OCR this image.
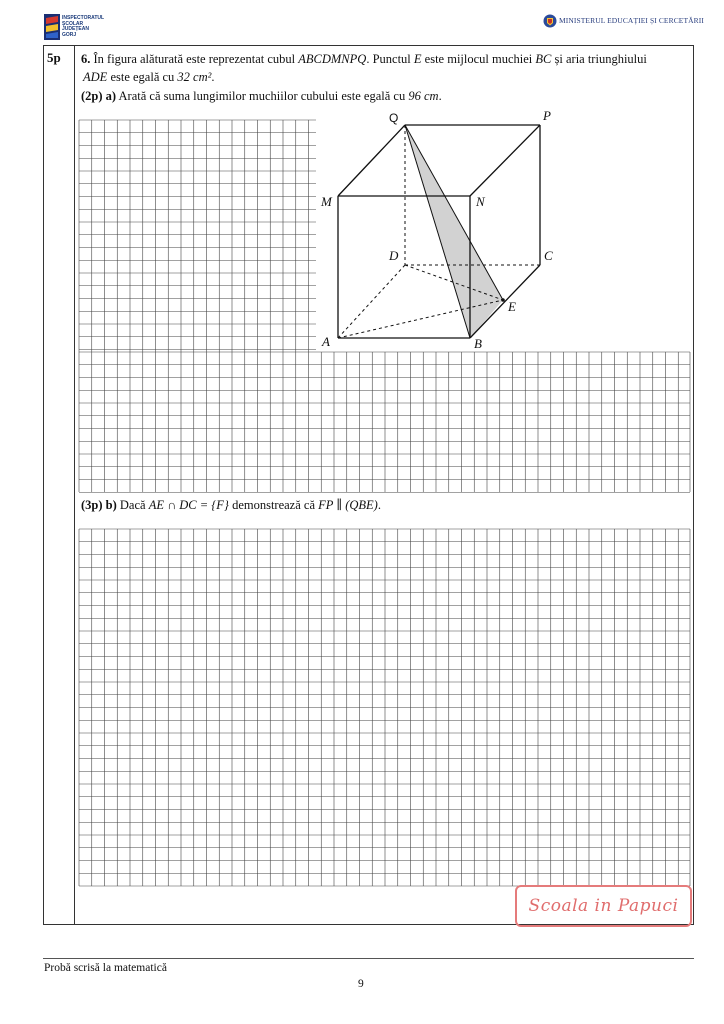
INSPECTORATUL
ȘCOLAR
JUDEȚEAN
GORJ
MINISTERUL EDUCAȚIEI ȘI CERCETĂRII
5p 6. În figura alăturată este reprezentat cubul ABCDMNPQ. Punctul E este mijlocul muchiei BC și aria triunghiului
ADE este egală cu 32 cm².
(2p) a) Arată că suma lungimilor muchiilor cubului este egală cu 96 cm.
Q	P
M	N
D	C
E
A	B
(3p) b) Dacă AE ∩ DC = {F} demonstrează că FP ∥ (QBE).
Scoala in Papuci
Probă scrisă la matematică
9
